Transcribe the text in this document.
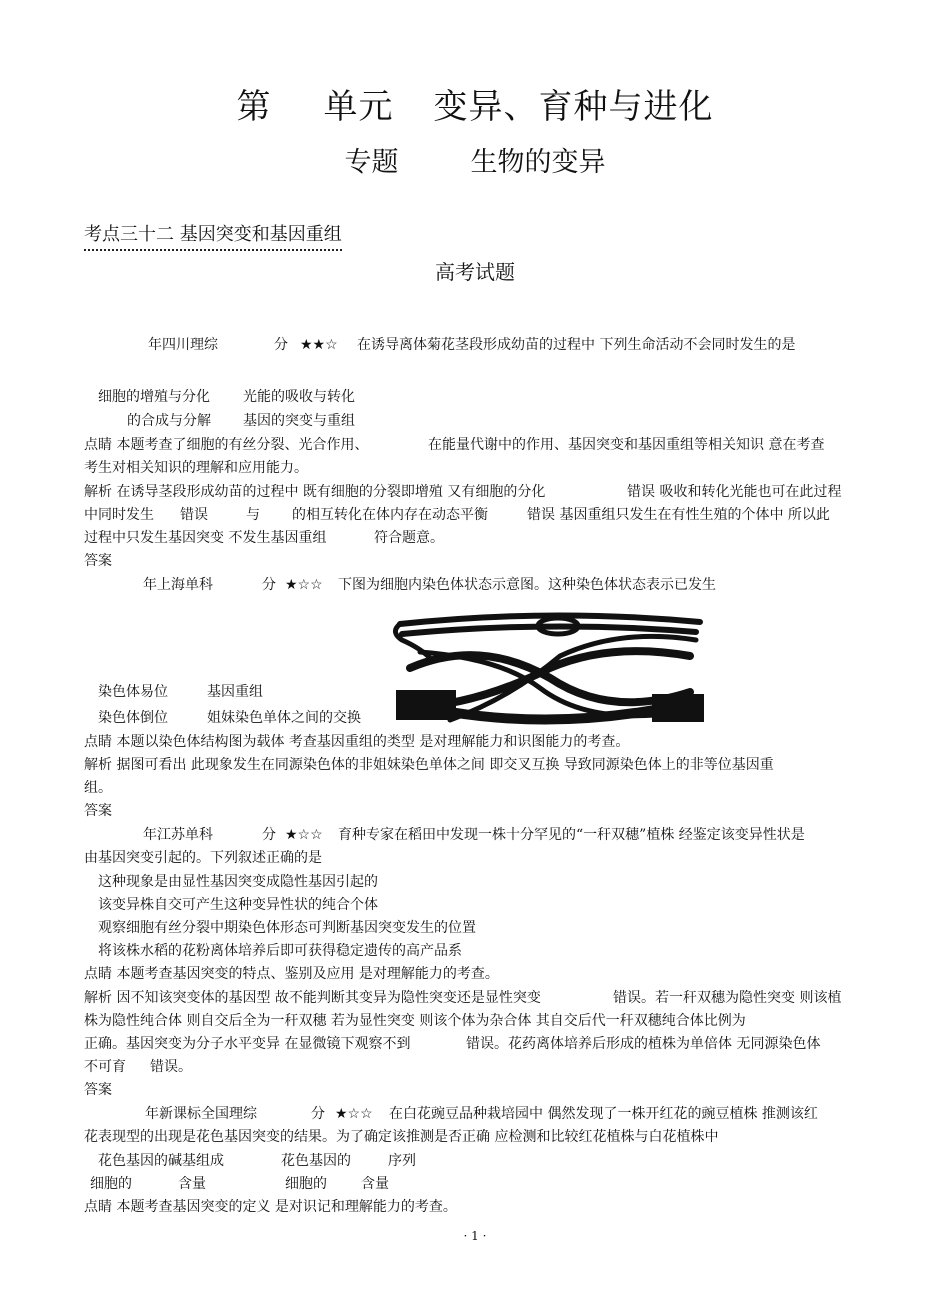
第 单元 变异、育种与进化
专题	生物的变异
考点三十二 基因突变和基因重组
高考试题
年四川理综	分 ★★☆ 在诱导离体菊花茎段形成幼苗的过程中 下列生命活动不会同时发生的是
细胞的增殖与分化 光能的吸收与转化
的合成与分解 基因的突变与重组
点睛 本题考查了细胞的有丝分裂、光合作用、	在能量代谢中的作用、基因突变和基因重组等相关知识 意在考查
考生对相关知识的理解和应用能力。
解析 在诱导茎段形成幼苗的过程中 既有细胞的分裂即增殖 又有细胞的分化	错误 吸收和转化光能也可在此过程
中同时发生 错误	与 的相互转化在体内存在动态平衡	错误 基因重组只发生在有性生殖的个体中 所以此
过程中只发生基因突变 不发生基因重组	符合题意。
答案
年上海单科	分 ★☆☆ 下图为细胞内染色体状态示意图。这种染色体状态表示已发生
染色体易位	基因重组
染色体倒位	姐妹染色单体之间的交换
点睛 本题以染色体结构图为载体 考查基因重组的类型 是对理解能力和识图能力的考查。
解析 据图可看出 此现象发生在同源染色体的非姐妹染色单体之间 即交叉互换 导致同源染色体上的非等位基因重
组。
答案
年江苏单科	分 ★☆☆ 育种专家在稻田中发现一株十分罕见的“一秆双穗”植株 经鉴定该变异性状是
由基因突变引起的。下列叙述正确的是
这种现象是由显性基因突变成隐性基因引起的
该变异株自交可产生这种变异性状的纯合个体
观察细胞有丝分裂中期染色体形态可判断基因突变发生的位置
将该株水稻的花粉离体培养后即可获得稳定遗传的高产品系
点睛 本题考查基因突变的特点、鉴别及应用 是对理解能力的考查。
解析 因不知该突变体的基因型 故不能判断其变异为隐性突变还是显性突变	错误。若一秆双穗为隐性突变 则该植
株为隐性纯合体 则自交后全为一秆双穗 若为显性突变 则该个体为杂合体 其自交后代一秆双穗纯合体比例为
正确。基因突变为分子水平变异 在显微镜下观察不到	错误。花药离体培养后形成的植株为单倍体 无同源染色体
不可育 错误。
答案
年新课标全国理综	分 ★☆☆ 在白花豌豆品种栽培园中 偶然发现了一株开红花的豌豆植株 推测该红
花表现型的出现是花色基因突变的结果。为了确定该推测是否正确 应检测和比较红花植株与白花植株中
花色基因的碱基组成	花色基因的	序列
细胞的	含量	细胞的 含量
点睛 本题考查基因突变的定义 是对识记和理解能力的考查。
· 1 ·
